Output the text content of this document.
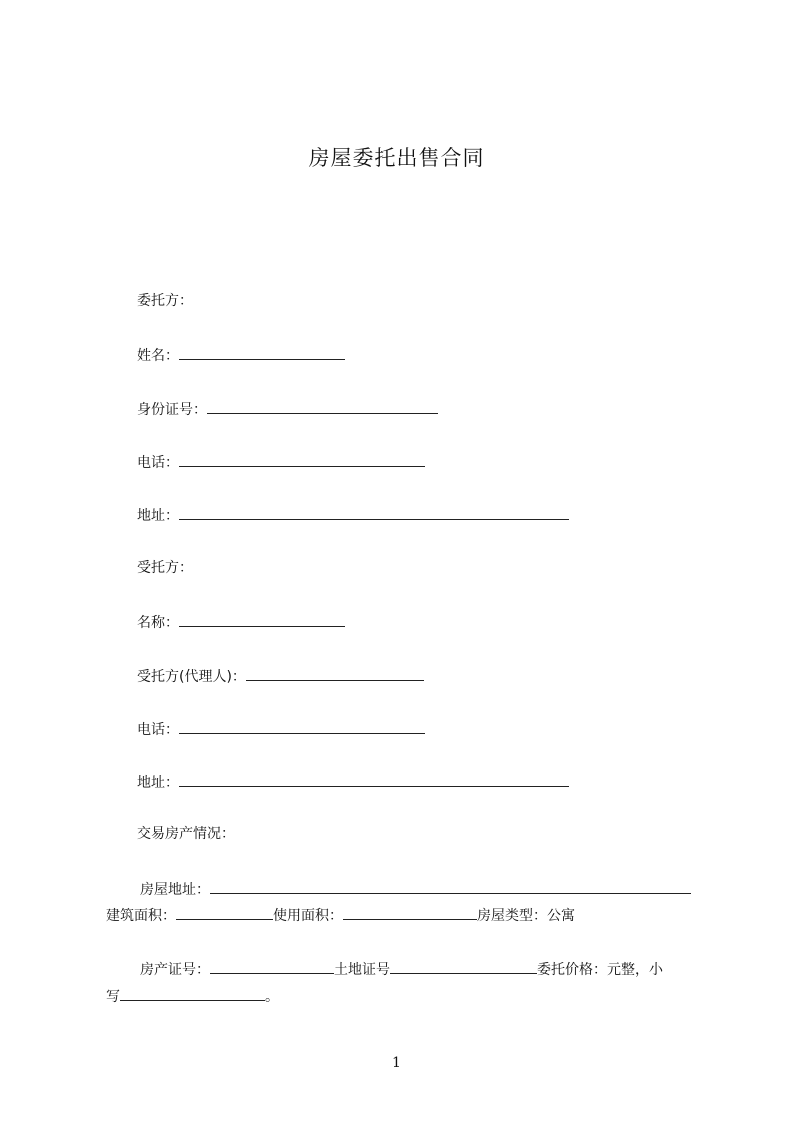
房屋委托出售合同
委托方：
姓名：
身份证号：
电话：
地址：
受托方：
名称：
受托方(代理人)：
电话：
地址：
交易房产情况：
房屋地址：
建筑面积：	使用面积：	房屋类型：公寓
房产证号：	土地证号	委托价格：元整，小
写	。
1
